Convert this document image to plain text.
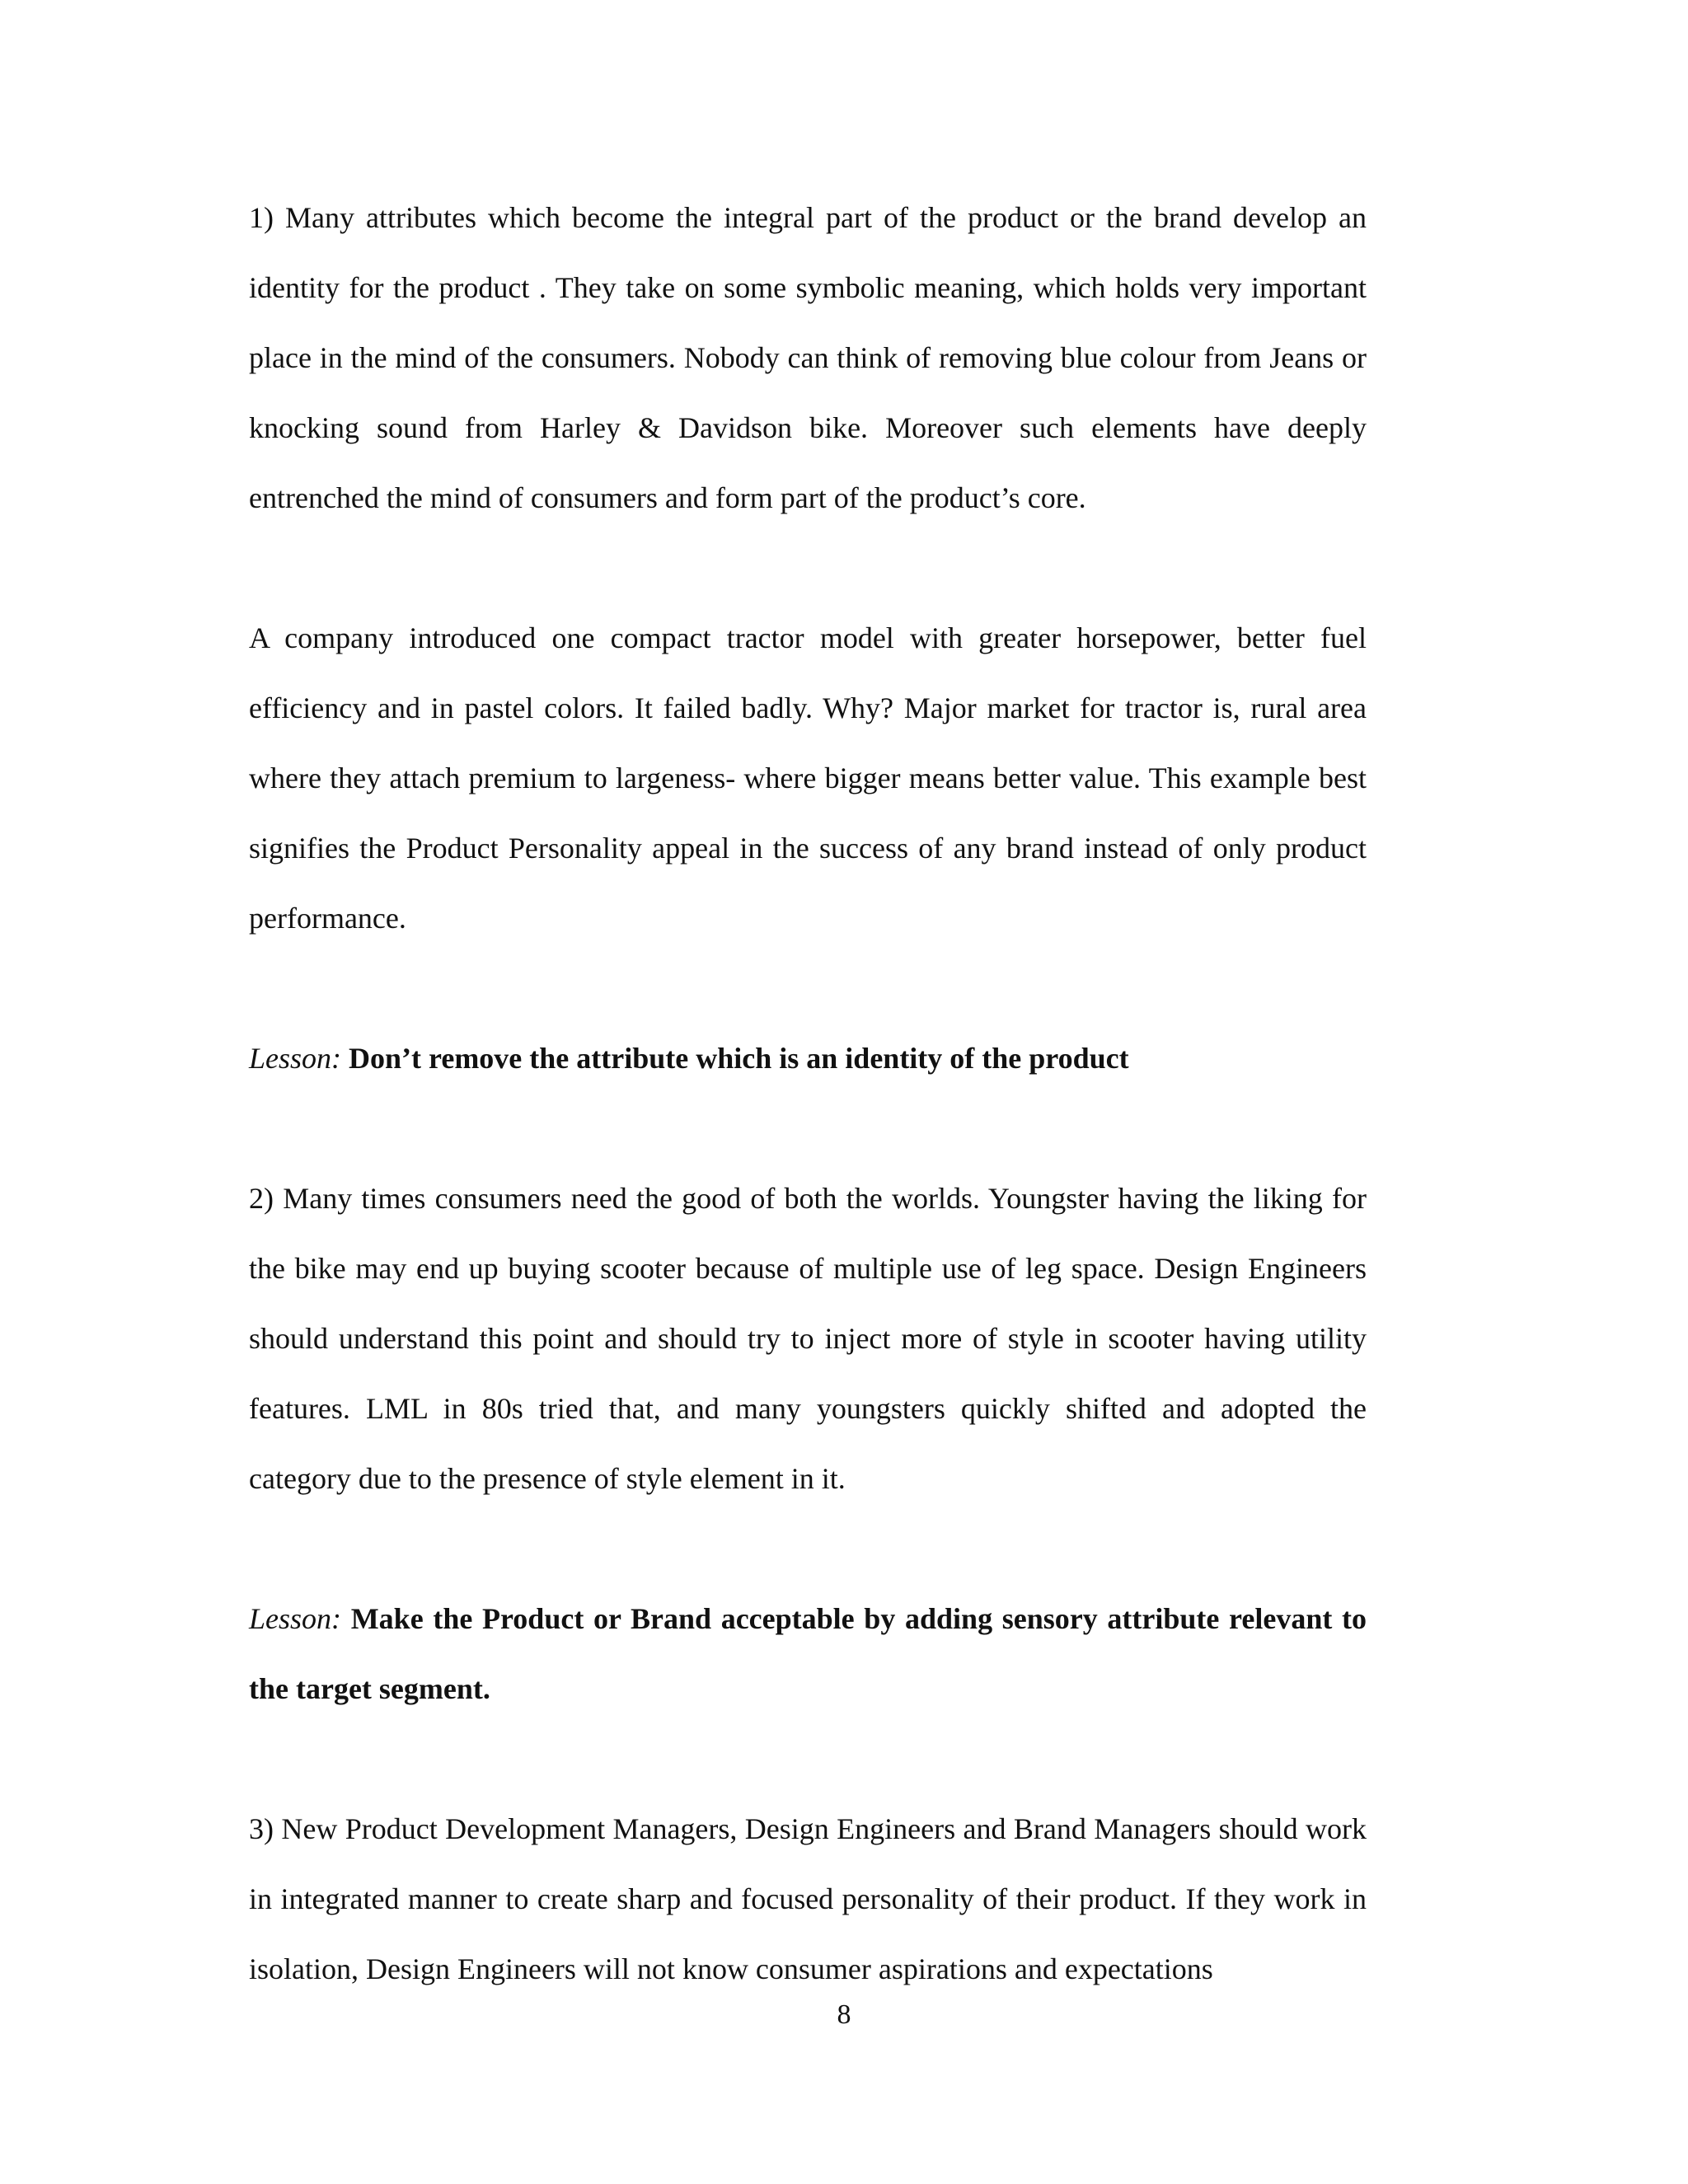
1) Many attributes which become the integral part of the product or the brand develop an identity for the product . They take on some symbolic meaning, which holds very important place in the mind of the consumers. Nobody can think of removing blue colour from Jeans or knocking sound from Harley & Davidson bike. Moreover such elements have deeply entrenched the mind of consumers and form part of the product’s core.

A company introduced one compact tractor model with greater horsepower, better fuel efficiency and in pastel colors. It failed badly. Why? Major market for tractor is, rural area where they attach premium to largeness- where bigger means better value. This example best signifies the Product Personality appeal in the success of any brand instead of only product performance.

Lesson: Don’t remove the attribute which is an identity of the product

2) Many times consumers need the good of both the worlds. Youngster having the liking for the bike may end up buying scooter because of multiple use of leg space. Design Engineers should understand this point and should try to inject more of style in scooter having utility features. LML in 80s tried that, and many youngsters quickly shifted and adopted the category due to the presence of style element in it.

Lesson: Make the Product or Brand acceptable by adding sensory attribute relevant to the target segment.

3) New Product Development Managers, Design Engineers and Brand Managers should work in integrated manner to create sharp and focused personality of their product. If they work in isolation, Design Engineers will not know consumer aspirations and expectations

8
